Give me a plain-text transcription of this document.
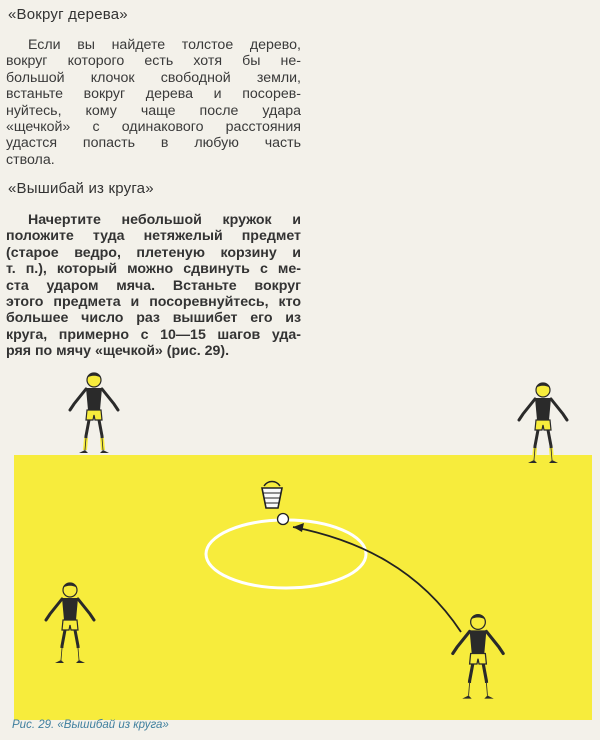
«Вокруг дерева»
Если вы найдете толстое дерево,
вокруг которого есть хотя бы не-
большой клочок свободной земли,
встаньте вокруг дерева и посорев-
нуйтесь, кому чаще после удара
«щечкой» с одинакового расстояния
удастся попасть в любую часть
ствола.
«Вышибай из круга»
Начертите небольшой кружок и
положите туда нетяжелый предмет
(старое ведро, плетеную корзину и
т. п.), который можно сдвинуть с ме-
ста ударом мяча. Встаньте вокруг
этого предмета и посоревнуйтесь, кто
большее число раз вышибет его из
круга, примерно с 10—15 шагов уда-
ряя по мячу «щечкой» (рис. 29).
Рис. 29. «Вышибай из круга»
